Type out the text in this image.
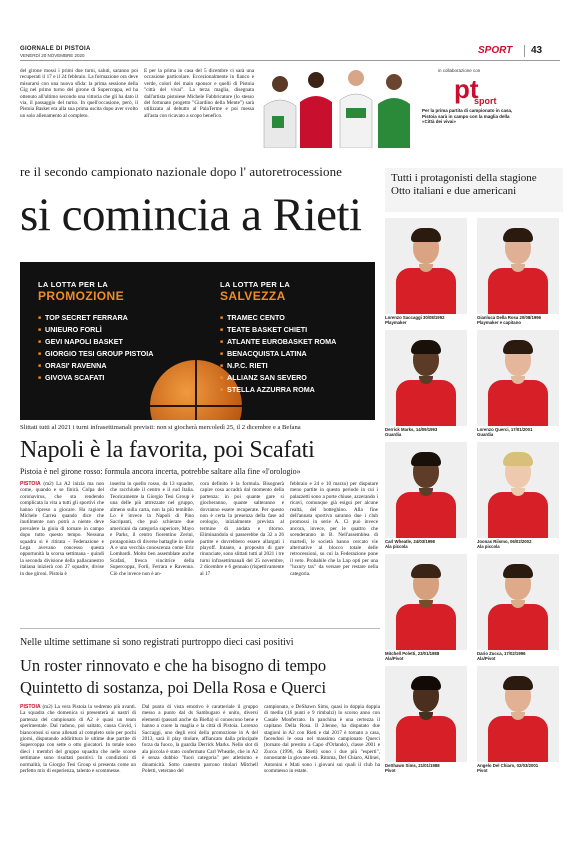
GIORNALE DI PISTOIA
VENERDÌ 20 NOVEMBRE 2020	SPORT 43
del girone mossi i primi due turni, saluti, saranno poi recuperati il 17 e il 24 febbraio. La formazione ora deve misurarsi con una nuova sfida: la prima sessione della Gig nel primo turno del girone di Supercoppa, ed ha ottenuto all'ultimo secondo una vittoria che gli ha dato il via, il passaggio del turno. In quell'occasione, però, il Pistoia Basket era alla sua prima uscita dopo aver svolto un solo allenamento al completo.
E per la prima in casa del 5 dicembre ci sarà una occasione particolare. Eccezionalmente in fianco e verde, colori dei main sponsor e quelli di Pistoia "città del vivai". La terza maglia, disegnata dall'artista pistoiese Michele Fabbricatore (lo stesso del fortunato progetto "Giardino della Mente") sarà utilizzata al debutto al PalaTerme e poi messa all'asta con ricavato a scopo benefico.
in collaborazione con
pt
sport
Per la prima partita di campionato in casa, Pistoia sarà in campo con la maglia della «Città dei vivai»
re il secondo campionato nazionale dopo l' autoretrocessione
si comincia a Rieti
Tutti i protagonisti della stagione Otto italiani e due americani
LA LOTTA PER LA
PROMOZIONE
LA LOTTA PER LA
SALVEZZA
■ TOP SECRET FERRARA
■ UNIEURO FORLÌ
■ GEVI NAPOLI BASKET
■ GIORGIO TESI GROUP PISTOIA
■ ORASI' RAVENNA
■ GIVOVA SCAFATI
■ TRAMEC CENTO
■ TEATE BASKET CHIETI
■ ATLANTE EUROBASKET ROMA
■ BENACQUISTA LATINA
■ N.P.C. RIETI
■ ALLIANZ SAN SEVERO
■ STELLA AZZURRA ROMA
Slittati tutti al 2021 i turni infrasettimanali previsti: non si giocherà mercoledì 25, il 2 dicembre e a Befana
Napoli è la favorita, poi Scafati
Pistoia è nel girone rosso: formula ancora incerta, potrebbe saltare alla fine «l'orologio»
PISTOIA (m2) La A2 inizia ma non come, quando e se finirà. Colpa del coronavirus, che sta rendendo complicata la vita a tutti gli sportivi che hanno ripreso a giocare. Ha ragione Michele Carrea quando dice che inutilmente non potrà a niente deve prevalere la gioia di tornare in campo dopo tutto questo tempo. Nessuna squadra si è ritirata - Federazione e Lega avevano concesso questa opportunità la scorsa settimana - quindi la seconda divisione della pallacanestro italiana inizierà con 27 squadre, divise in due gironi. Pistoia è
inserita in quello rosso, da 13 squadre, che racchiude il centro e il sud Italia. Teoricamente la Giorgio Tesi Group è una delle più attrezzate nel gruppo, almeno sulla carta, non la più temibile. Lo è invece la Napoli di Pino Sacripanti, che può schierare due americani da categoria superiore, Mayo e Parks, il centro fiorentino Zerini, protagonista di diverse battaglie in serie A e una vecchia conoscenza come Eric Lombardi. Molto ben assemblate anche Scafati, fresca vincitrice della Supercoppa, Forlì, Ferrara e Ravenna. Ciò che invece non è an-
cora definito è la formula. Bisognerà capire cosa accadrà dal momento della partenza: in poi quante gare si giocheranno, quante salteranno e dovranno essere recuperate. Per questo non è certa la presenza della fase ad orologio, inizialmente prevista al termine di andata e ritorno. Eliminandola si passerebbe da 32 a 26 partite e dovrebbero essere allargati i playoff. Intanto, a proposito di gare rinunciate, sono slittati tutti al 2021 i tre turni infrasettimanali del 25 novembre, 2 dicembre e 6 gennaio (rispettivamente al 17
febbraio e 24 e 10 marzo) per disputare meno partite in questo periodo in cui i palazzetti sono a porte chiuse, azzerando i ricavi, comunque già esigui per alcune realtà, del botteghino. Alla fine dell'annata sportiva saranno due i club promossi in serie A. Ci può invece ancora, invece, per le quattro che scenderanno in B. Nell'assemblea di martedì, le società hanno cercato vie alternative al blocco totale delle retrocessioni, su cui la Federazione pone il veto. Probabile che la Lnp opti per una "luxury tax" da versare per restare nella categoria.
Nelle ultime settimane si sono registrati purtroppo dieci casi positivi
Un roster rinnovato e che ha bisogno di tempo
Quintetto di sostanza, poi Della Rosa e Querci
PISTOIA (m2) La vera Pistoia la vedremo più avanti. La squadra che domenica si presenterà ai nastri di partenza del campionato di A2 è quasi un team sperimentale. Dal raduno, poi saltato, causa Covid, i biancorossi si sono allenati al completo solo per pochi giorni, disputando addirittura le ultime due partite di Supercoppa con sette o otto giocatori. In totale sono dieci i membri del gruppo squadra che nelle scorse settimane sono risultati positivi. In condizioni di normalità, la Giorgio Tesi Group si presenta come un perfetto mix di esperienza, talento e scommesse.
Dal punto di vista emotivo è caratteriale il gruppo messo a punto dal ds Sambugaro è unito, diversi elementi (passati anche da Biella) si conoscono bene e hanno a cuore la maglia e la città di Pistoia. Lorenzo Saccaggi, uno degli eroi della promozione in A del 2013, sarà il play titolare, affiancato dalla principale forza da fuoco, la guardia Derrick Marks. Nello slot di ala piccola è stato confermato Carl Wheatle, che in A2 è senza dubbio "fuori categoria" per atletismo e dinamicità. Sotto canestro parrono titolari Mitchell Poletti, veterano del
campionato, e DeShawn Sims, quasi in doppia doppia di media (16 punti e 9 rimbalzi) lo scorso anno con Casale Monferrato. In panchina è una certezza il capitano Della Rosa. Il 24enne, ha disputato due stagioni in A2 con Rieti e dal 2017 è tornato a casa, facendosi le ossa nel massimo campionato Querci (tornato dal prestito a Capo d'Orlando), classe 2001 e Zucca (1996, da Rieti) sono i due più "esperti", nonostante la giovane età. Ritoma, Del Chiaro, Allinei, Antonini e Mati sono i giovani sui quali il club ha scommesso in estate.
Lorenzo Saccaggi 30/08/1992
Playmaker
Gianluca Della Rosa 20/08/1996
Playmaker e capitano
Derrick Marks, 14/09/1993
Guardia
Lorenzo Querci, 17/01/2001
Guardia
Carl Wheatle, 24/03/1998
Ala piccola
Joonas Riismo, 06/02/2002
Ala piccola
Mitchell Poletti, 23/01/1988
Ala/Pivot
Dario Zucca, 17/02/1996
Ala/Pivot
DeShawn Sims, 21/01/1988
Pivot
Angelo Del Chiaro, 02/03/2001
Pivot
